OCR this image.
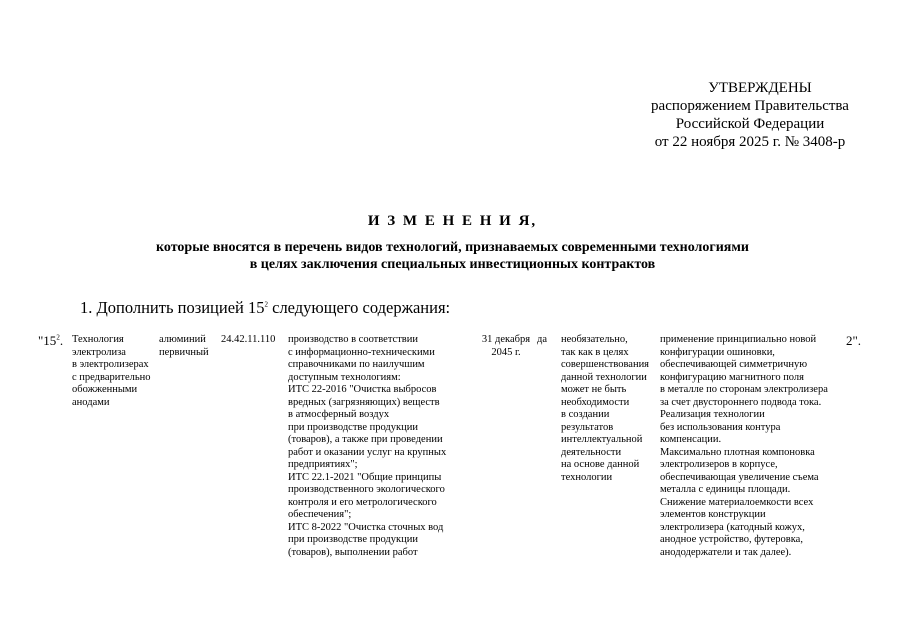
УТВЕРЖДЕНЫ
распоряжением Правительства
Российской Федерации
от 22 ноября 2025 г. № 3408-р
И З М Е Н Е Н И Я,
которые вносятся в перечень видов технологий, признаваемых современными технологиями
в целях заключения специальных инвестиционных контрактов
1. Дополнить позицией $15^2$ следующего содержания:
"$15^2$. Технология
электролиза
в электролизерах
с предварительно
обожженными
анодами
алюминий
первичный
24.42.11.110	производство в соответствии
с информационно-техническими
справочниками по наилучшим
доступным технологиям:
ИТС 22-2016 "Очистка выбросов
вредных (загрязняющих) веществ
в атмосферный воздух
при производстве продукции
(товаров), а также при проведении
работ и оказании услуг на крупных
предприятиях";
ИТС 22.1-2021 "Общие принципы
производственного экологического
контроля и его метрологического
обеспечения";
ИТС 8-2022 "Очистка сточных вод
при производстве продукции
(товаров), выполнении работ
31 декабря
2045 г.
да	необязательно,
так как в целях
совершенствования
данной технологии
может не быть
необходимости
в создании
результатов
интеллектуальной
деятельности
на основе данной
технологии
применение принципиально новой
конфигурации ошиновки,
обеспечивающей симметричную
конфигурацию магнитного поля
в металле по сторонам электролизера
за счет двустороннего подвода тока.
Реализация технологии
без использования контура
компенсации.
Максимально плотная компоновка
электролизеров в корпусе,
обеспечивающая увеличение съема
металла с единицы площади.
Снижение материалоемкости всех
элементов конструкции
электролизера (катодный кожух,
анодное устройство, футеровка,
анододержатели и так далее).
2".
